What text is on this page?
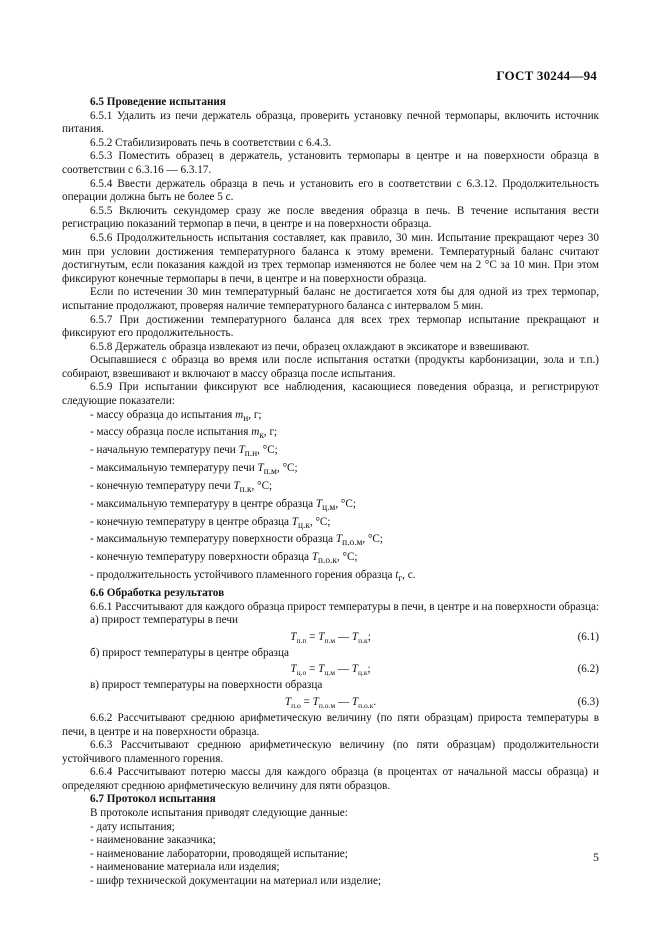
ГОСТ 30244—94

6.5 Проведение испытания

6.5.1 Удалить из печи держатель образца, проверить установку печной термопары, включить источник питания.

6.5.2 Стабилизировать печь в соответствии с 6.4.3.

6.5.3 Поместить образец в держатель, установить термопары в центре и на поверхности образца в соответствии с 6.3.16 — 6.3.17.

6.5.4 Ввести держатель образца в печь и установить его в соответствии с 6.3.12. Продолжительность операции должна быть не более 5 с.

6.5.5 Включить секундомер сразу же после введения образца в печь. В течение испытания вести регистрацию показаний термопар в печи, в центре и на поверхности образца.

6.5.6 Продолжительность испытания составляет, как правило, 30 мин. Испытание прекращают через 30 мин при условии достижения температурного баланса к этому времени. Температурный баланс считают достигнутым, если показания каждой из трех термопар изменяются не более чем на 2 °С за 10 мин. При этом фиксируют конечные термопары в печи, в центре и на поверхности образца.

Если по истечении 30 мин температурный баланс не достигается хотя бы для одной из трех термопар, испытание продолжают, проверяя наличие температурного баланса с интервалом 5 мин.

6.5.7 При достижении температурного баланса для всех трех термопар испытание прекращают и фиксируют его продолжительность.

6.5.8 Держатель образца извлекают из печи, образец охлаждают в эксикаторе и взвешивают.

Осыпавшиеся с образца во время или после испытания остатки (продукты карбонизации, зола и т.п.) собирают, взвешивают и включают в массу образца после испытания.

6.5.9 При испытании фиксируют все наблюдения, касающиеся поведения образца, и регистрируют следующие показатели:

- массу образца до испытания $m_н$, г;

- массу образца после испытания $m_к$, г;

- начальную температуру печи $T_{п.н}$, °С;

- максимальную температуру печи $T_{п.м}$, °С;

- конечную температуру печи $T_{п.к}$, °С;

- максимальную температуру в центре образца $T_{ц.м}$, °С;

- конечную температуру в центре образца $T_{ц.к}$, °С;

- максимальную температуру поверхности образца $T_{п.о.м}$, °С;

- конечную температуру поверхности образца $T_{п.о.к}$, °С;

- продолжительность устойчивого пламенного горения образца $t_г$, с.

6.6 Обработка результатов

6.6.1 Рассчитывают для каждого образца прирост температуры в печи, в центре и на поверхности образца:

а) прирост температуры в печи

$T_{п.п} = T_{п.м}$ — $T_{п.к}$;	(6.1)

б) прирост температуры в центре образца

$T_{ц.о} = T_{ц.м}$ — $T_{ц.к}$;	(6.2)

в) прирост температуры на поверхности образца

$T_{п.о} = T_{п.о.м}$ — $T_{п.о.к}$.	(6.3)

6.6.2 Рассчитывают среднюю арифметическую величину (по пяти образцам) прироста температуры в печи, в центре и на поверхности образца.

6.6.3 Рассчитывают среднюю арифметическую величину (по пяти образцам) продолжительности устойчивого пламенного горения.

6.6.4 Рассчитывают потерю массы для каждого образца (в процентах от начальной массы образца) и определяют среднюю арифметическую величину для пяти образцов.

6.7 Протокол испытания

В протоколе испытания приводят следующие данные:

- дату испытания;

- наименование заказчика;

- наименование лаборатории, проводящей испытание;

- наименование материала или изделия;

- шифр технической документации на материал или изделие;

5
